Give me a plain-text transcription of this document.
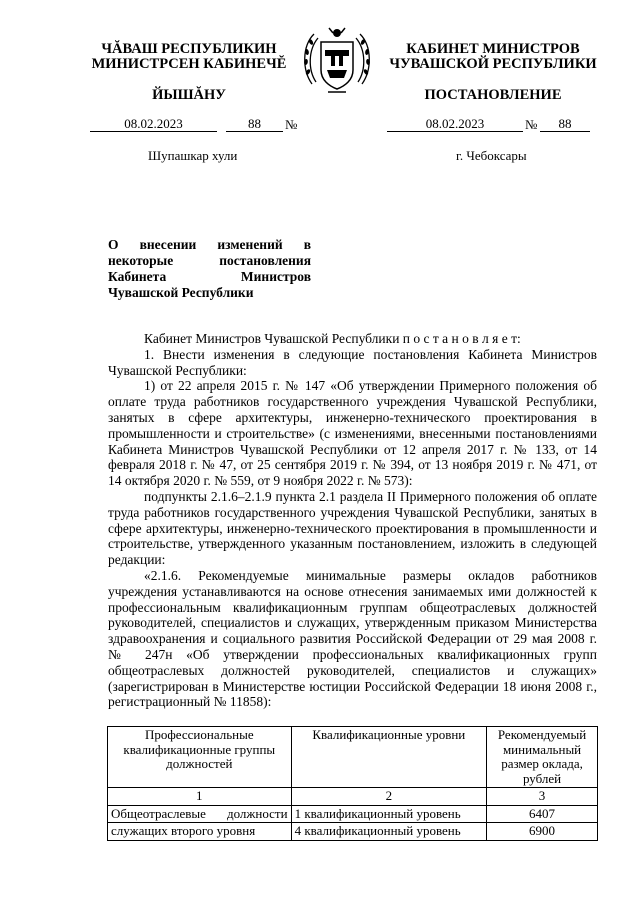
ЧĂВАШ РЕСПУБЛИКИН
МИНИСТРСЕН КАБИНЕЧĔ
КАБИНЕТ МИНИСТРОВ
ЧУВАШСКОЙ РЕСПУБЛИКИ
ЙЫШĂНУ	ПОСТАНОВЛЕНИЕ
08.02.2023	88	№	08.02.2023	№	88
Шупашкар хули	г. Чебоксары
О внесении изменений в некоторые постановления Кабинета Министров Чувашской Республики

Кабинет Министров Чувашской Республики п о с т а н о в л я е т:

1. Внести изменения в следующие постановления Кабинета Министров Чувашской Республики:

1) от 22 апреля 2015 г. № 147 «Об утверждении Примерного положения об оплате труда работников государственного учреждения Чувашской Республики, занятых в сфере архитектуры, инженерно-технического проектирования в промышленности и строительстве» (с изменениями, внесенными постановлениями Кабинета Министров Чувашской Республики от 12 апреля 2017 г. № 133, от 14 февраля 2018 г. № 47, от 25 сентября 2019 г. № 394, от 13 ноября 2019 г. № 471, от 14 октября 2020 г. № 559, от 9 ноября 2022 г. № 573):

подпункты 2.1.6–2.1.9 пункта 2.1 раздела II Примерного положения об оплате труда работников государственного учреждения Чувашской Республики, занятых в сфере архитектуры, инженерно-технического проектирования в промышленности и строительстве, утвержденного указанным постановлением, изложить в следующей редакции:

«2.1.6. Рекомендуемые минимальные размеры окладов работников учреждения устанавливаются на основе отнесения занимаемых ими должностей к профессиональным квалификационным группам общеотраслевых должностей руководителей, специалистов и служащих, утвержденным приказом Министерства здравоохранения и социального развития Российской Федерации от 29 мая 2008 г. № 247н «Об утверждении профессиональных квалификационных групп общеотраслевых должностей руководителей, специалистов и служащих» (зарегистрирован в Министерстве юстиции Российской Федерации 18 июня 2008 г., регистрационный № 11858):

Профессиональные квалификационные группы должностей	Квалификационные уровни	Рекомендуемый минимальный размер оклада, рублей
1	2	3
Общеотраслевые должности	1 квалификационный уровень	6407
служащих второго уровня	4 квалификационный уровень	6900
